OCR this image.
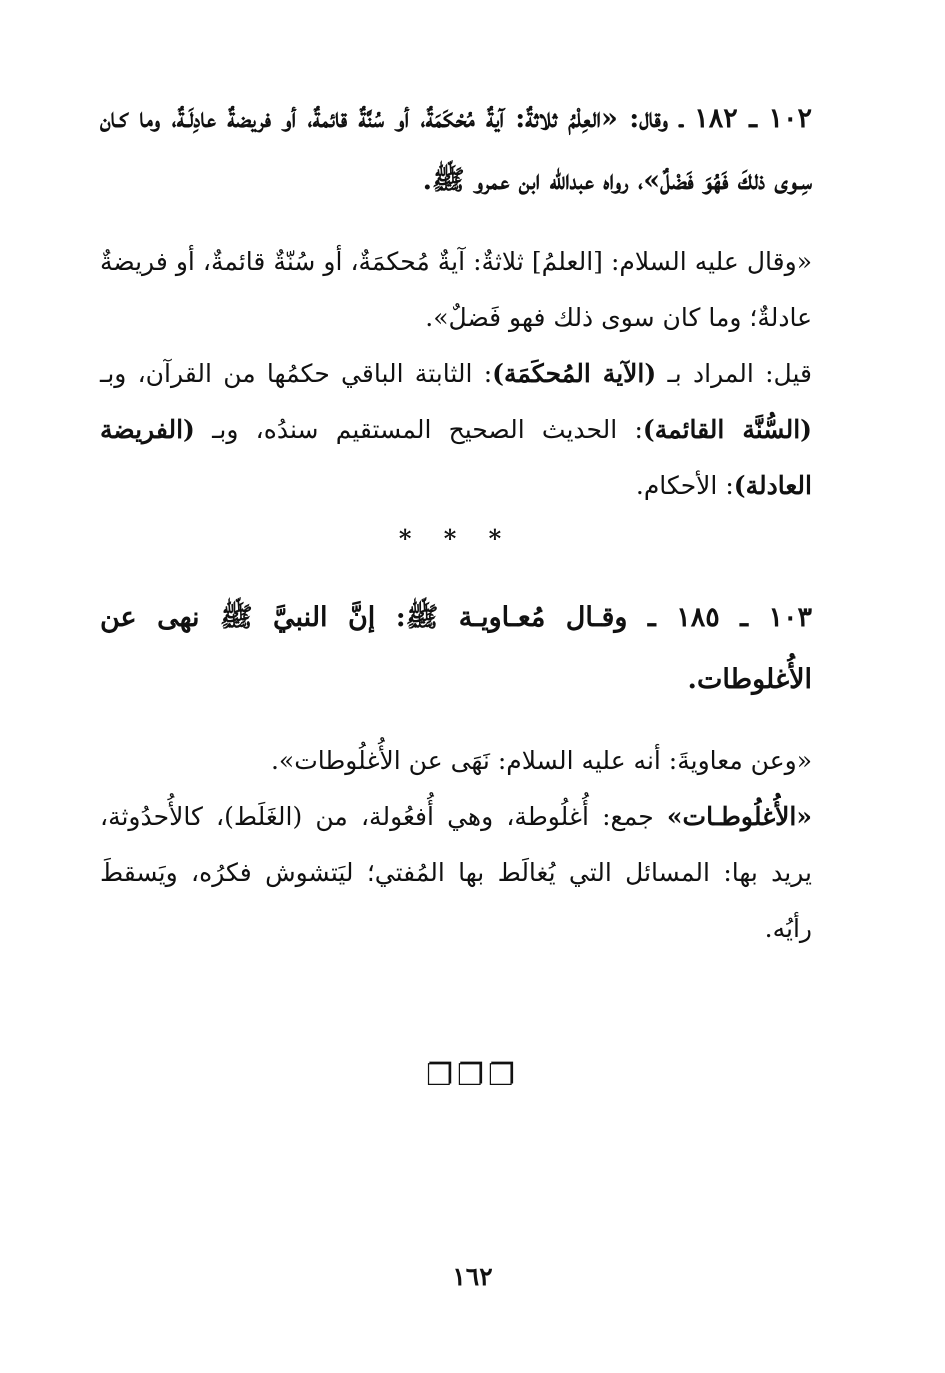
١٠٢ ـ ١٨٢ ـ وقال: «العِلْمُ ثلاثةٌ: آيةٌ مُحْكَمَةٌ، أو سُنَّةٌ قائمةٌ، أو فريضةٌ عادِلَـةٌ، وما كـان سِـوى ذلكَ فَهُوَ فَضْلٌ»، رواه عبدالله ابن عمرو ﷺ.

«وقال عليه السلام: [العلمُ] ثلاثةٌ: آيةٌ مُحكمَةٌ، أو سُنّةٌ قائمةٌ، أو فريضةٌ عادلةٌ؛ وما كان سوى ذلك فهو فَضلٌ».

قيل: المراد بـ (الآية المُحكَمَة): الثابتة الباقي حكمُها من القرآن، وبـ (السُّنَّة القائمة): الحديث الصحيح المستقيم سندُه، وبـ (الفريضة العادلة): الأحكام.

* * *

١٠٣ ـ ١٨٥ ـ وقـال مُعـاويـة ﷺ: إنَّ النبيَّ ﷺ نهى عن الأُغلوطات.

«وعن معاويةَ: أنه عليه السلام: نَهَى عن الأُغلُوطات».

«الأُغلُوطـات» جمع: أُغلُوطة، وهي أُفعُولة، من (الغَلَط)، كالأُحدُوثة، يريد بها: المسائل التي يُغالَط بها المُفتي؛ ليَتشوش فكرُه، ويَسقطَ رأيُه.

❐❐❐
١٦٢
